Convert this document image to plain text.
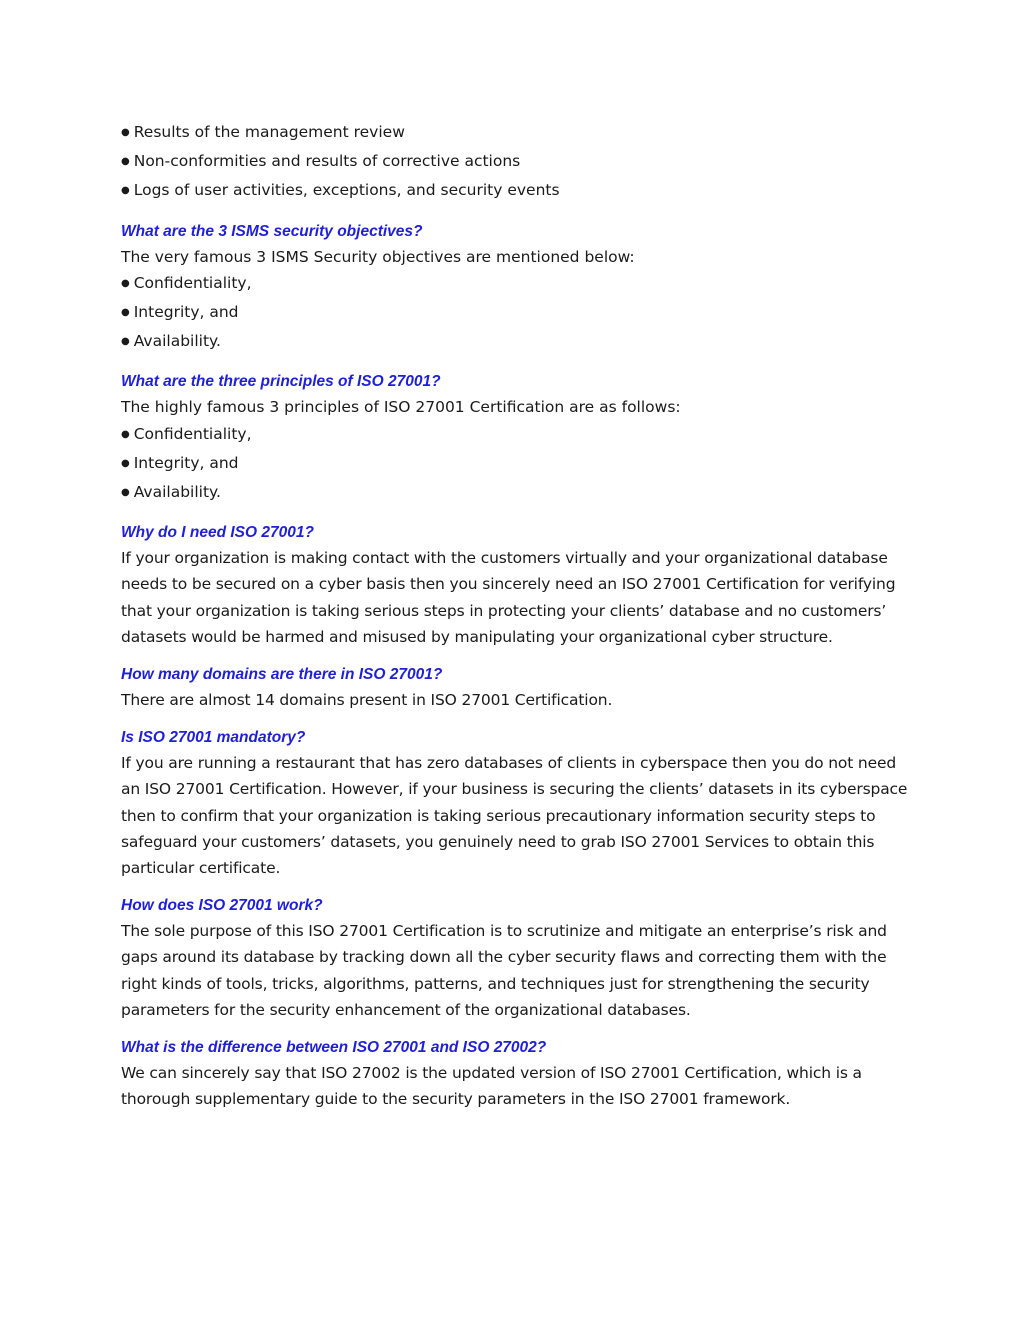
● Results of the management review

● Non-conformities and results of corrective actions

● Logs of user activities, exceptions, and security events

What are the 3 ISMS security objectives?

The very famous 3 ISMS Security objectives are mentioned below:

● Confidentiality,

● Integrity, and

● Availability.

What are the three principles of ISO 27001?

The highly famous 3 principles of ISO 27001 Certification are as follows:

● Confidentiality,

● Integrity, and

● Availability.

Why do I need ISO 27001?

If your organization is making contact with the customers virtually and your organizational database needs to be secured on a cyber basis then you sincerely need an ISO 27001 Certification for verifying that your organization is taking serious steps in protecting your clients’ database and no customers’ datasets would be harmed and misused by manipulating your organizational cyber structure.

How many domains are there in ISO 27001?

There are almost 14 domains present in ISO 27001 Certification.

Is ISO 27001 mandatory?

If you are running a restaurant that has zero databases of clients in cyberspace then you do not need an ISO 27001 Certification. However, if your business is securing the clients’ datasets in its cyberspace then to confirm that your organization is taking serious precautionary information security steps to safeguard your customers’ datasets, you genuinely need to grab ISO 27001 Services to obtain this particular certificate.

How does ISO 27001 work?

The sole purpose of this ISO 27001 Certification is to scrutinize and mitigate an enterprise’s risk and gaps around its database by tracking down all the cyber security flaws and correcting them with the right kinds of tools, tricks, algorithms, patterns, and techniques just for strengthening the security parameters for the security enhancement of the organizational databases.

What is the difference between ISO 27001 and ISO 27002?

We can sincerely say that ISO 27002 is the updated version of ISO 27001 Certification, which is a thorough supplementary guide to the security parameters in the ISO 27001 framework.
